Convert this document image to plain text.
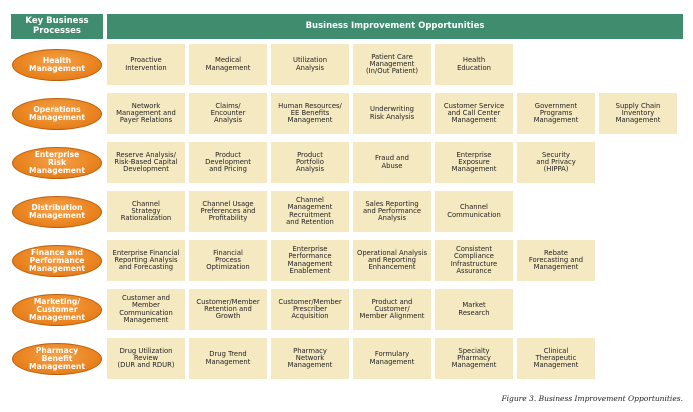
Key Business
Processes	Business Improvement Opportunities
Health
Management
Proactive
Intervention
Medical
Management
Utilization
Analysis
Patient Care
Management
(In/Out Patient)
Health
Education
Operations
Management
Network
Management and
Payer Relations
Claims/
Encounter
Analysis
Human Resources/
EE Benefits
Management
Underwriting
Risk Analysis
Customer Service
and Call Center
Management
Government
Programs
Management
Supply Chain
Inventory
Management
Enterprise
Risk
Management
Reserve Analysis/
Risk-Based Capital
Development
Product
Development
and Pricing
Product
Portfolio
Analysis
Fraud and
Abuse
Enterprise
Exposure
Management
Security
and Privacy
(HIPPA)
Distribution
Management
Channel
Strategy
Rationalization
Channel Usage
Preferences and
Profitability
Channel
Management
Recruitment
and Retention
Sales Reporting
and Performance
Analysis
Channel
Communication
Finance and
Performance
Management
Enterprise Financial
Reporting Analysis
and Forecasting
Financial
Process
Optimization
Enterprise
Performance
Management
Enablement
Operational Analysis
and Reporting
Enhancement
Consistent
Compliance
Infrastructure
Assurance
Rebate
Forecasting and
Management
Marketing/
Customer
Management
Customer and
Member
Communication
Management
Customer/Member
Retention and
Growth
Customer/Member
Prescriber
Acquisition
Product and
Customer/
Member Alignment
Market
Research
Pharmacy
Benefit
Management
Drug Utilization
Review
(DUR and RDUR)
Drug Trend
Management
Pharmacy
Network
Management
Formulary
Management
Specialty
Pharmacy
Management
Clinical
Therapeutic
Management
Figure 3. Business Improvement Opportunities.
